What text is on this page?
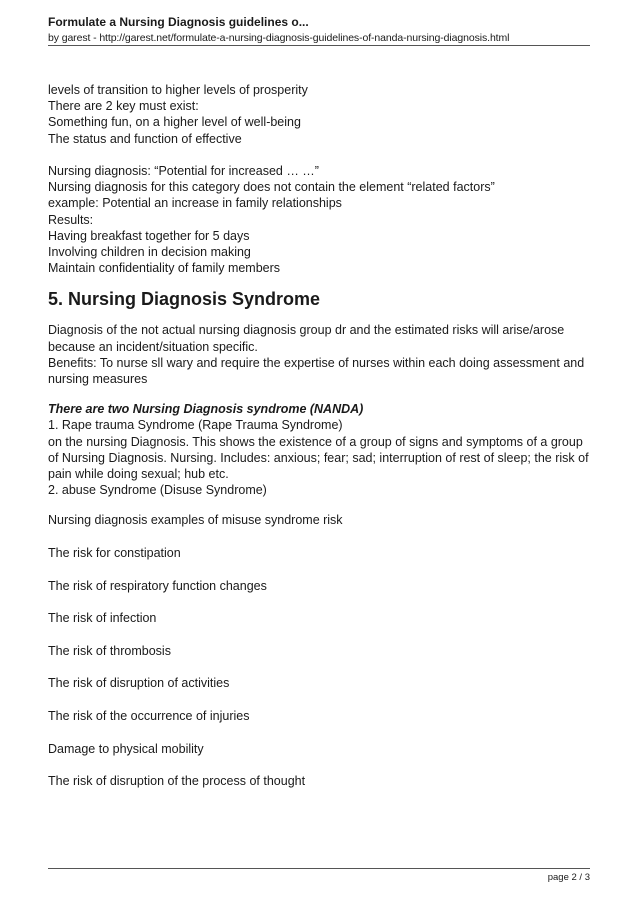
Formulate a Nursing Diagnosis guidelines o...
by garest - http://garest.net/formulate-a-nursing-diagnosis-guidelines-of-nanda-nursing-diagnosis.html
levels of transition to higher levels of prosperity
There are 2 key must exist:
Something fun, on a higher level of well-being
The status and function of effective
Nursing diagnosis: “Potential for increased … …”
Nursing diagnosis for this category does not contain the element “related factors”
example: Potential an increase in family relationships
Results:
Having breakfast together for 5 days
Involving children in decision making
Maintain confidentiality of family members
5. Nursing Diagnosis Syndrome
Diagnosis of the not actual nursing diagnosis group dr and the estimated risks will arise/arose because an incident/situation specific.
Benefits: To nurse sll wary and require the expertise of nurses within each doing assessment and nursing measures
There are two Nursing Diagnosis syndrome (NANDA)
1. Rape trauma Syndrome (Rape Trauma Syndrome)
on the nursing Diagnosis. This shows the existence of a group of signs and symptoms of a group of Nursing Diagnosis. Nursing. Includes: anxious; fear; sad; interruption of rest of sleep; the risk of pain while doing sexual; hub etc.
2. abuse Syndrome (Disuse Syndrome)
Nursing diagnosis examples of misuse syndrome risk
The risk for constipation
The risk of respiratory function changes
The risk of infection
The risk of thrombosis
The risk of disruption of activities
The risk of the occurrence of injuries
Damage to physical mobility
The risk of disruption of the process of thought
page 2 / 3
